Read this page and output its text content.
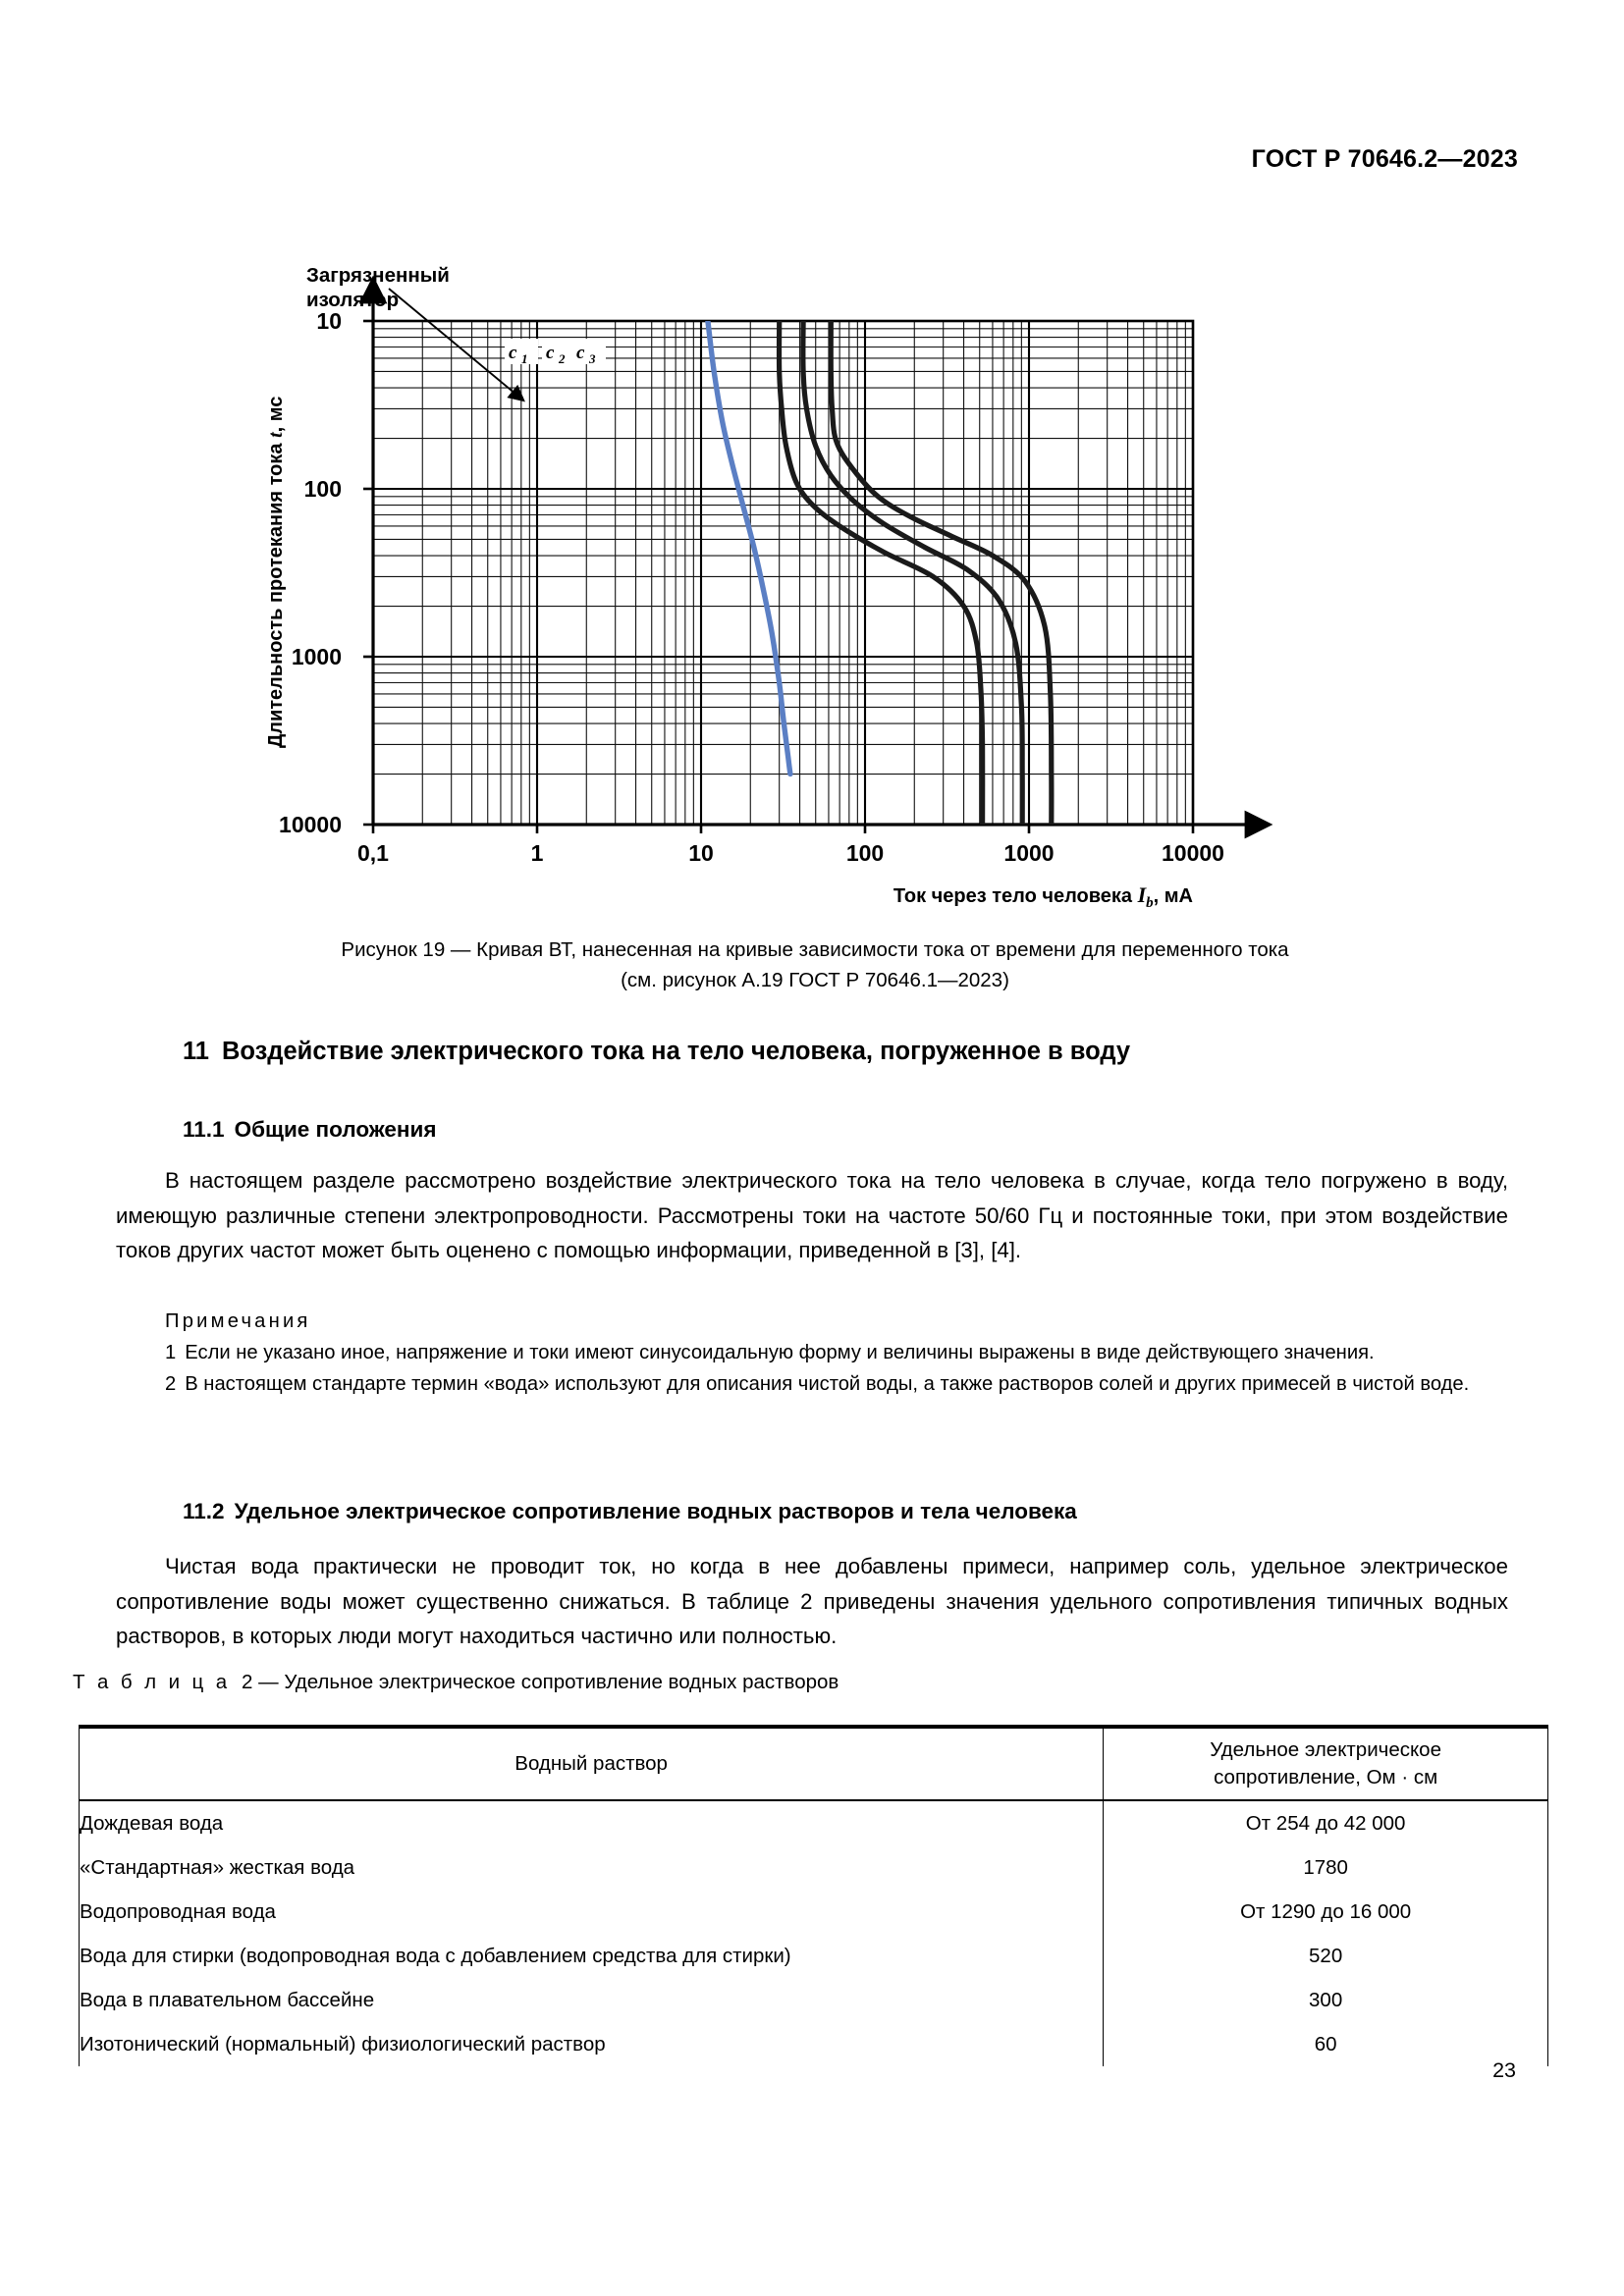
ГОСТ Р 70646.2—2023
c 1 c 2 c 3
Загрязненный
изолятор
10
100
1000
10000
0,1	1	10	100	1000	10000
Длительность протекания тока t, мс
Ток через тело человека $I_b$, мА
Рисунок 19 — Кривая ВТ, нанесенная на кривые зависимости тока от времени для переменного тока
(см. рисунок А.19 ГОСТ Р 70646.1—2023)
11 Воздействие электрического тока на тело человека, погруженное в воду
11.1 Общие положения
В настоящем разделе рассмотрено воздействие электрического тока на тело человека в случае, когда тело погружено в воду, имеющую различные степени электропроводности. Рассмотрены токи на частоте 50/60 Гц и постоянные токи, при этом воздействие токов других частот может быть оценено с помощью информации, приведенной в [3], [4].
Примечания
1 Если не указано иное, напряжение и токи имеют синусоидальную форму и величины выражены в виде действующего значения.
2 В настоящем стандарте термин «вода» используют для описания чистой воды, а также растворов солей и других примесей в чистой воде.
11.2 Удельное электрическое сопротивление водных растворов и тела человека
Чистая вода практически не проводит ток, но когда в нее добавлены примеси, например соль, удельное электрическое сопротивление воды может существенно снижаться. В таблице 2 приведены значения удельного сопротивления типичных водных растворов, в которых люди могут находиться частично или полностью.
Т а б л и ц а 2 — Удельное электрическое сопротивление водных растворов
Водный раствор	Удельное электрическое
сопротивление, Ом · см

Дождевая вода	От 254 до 42 000
«Стандартная» жесткая вода	1780
Водопроводная вода	От 1290 до 16 000
Вода для стирки (водопроводная вода с добавлением средства для стирки)	520
Вода в плавательном бассейне	300
Изотонический (нормальный) физиологический раствор	60
23
